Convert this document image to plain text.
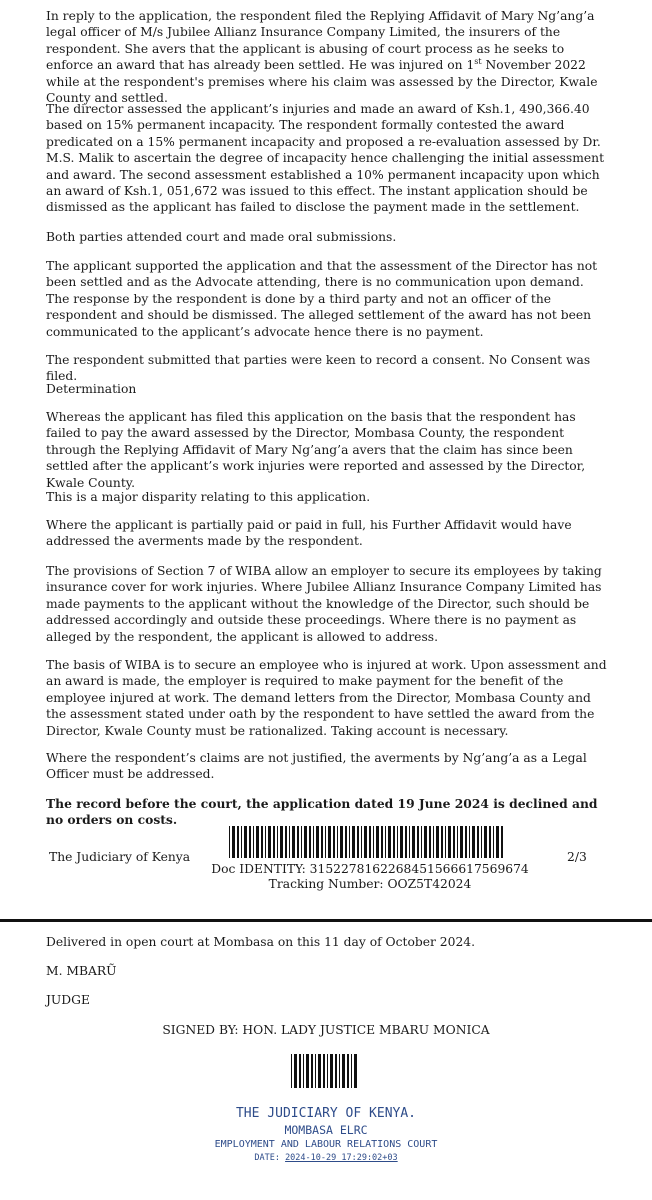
In reply to the application, the respondent filed the Replying Affidavit of Mary Ng’ang’a legal officer of M/s Jubilee Allianz Insurance Company Limited, the insurers of the respondent. She avers that the applicant is abusing of court process as he seeks to enforce an award that has already been settled. He was injured on 1st November 2022 while at the respondent's premises where his claim was assessed by the Director, Kwale County and settled.

The director assessed the applicant’s injuries and made an award of Ksh.1, 490,366.40 based on 15% permanent incapacity. The respondent formally contested the award predicated on a 15% permanent incapacity and proposed a re-evaluation assessed by Dr. M.S. Malik to ascertain the degree of incapacity hence challenging the initial assessment and award. The second assessment established a 10% permanent incapacity upon which an award of Ksh.1, 051,672 was issued to this effect. The instant application should be dismissed as the applicant has failed to disclose the payment made in the settlement.

Both parties attended court and made oral submissions.

The applicant supported the application and that the assessment of the Director has not been settled and as the Advocate attending, there is no communication upon demand. The response by the respondent is done by a third party and not an officer of the respondent and should be dismissed. The alleged settlement of the award has not been communicated to the applicant’s advocate hence there is no payment.

The respondent submitted that parties were keen to record a consent. No Consent was filed.

Determination

Whereas the applicant has filed this application on the basis that the respondent has failed to pay the award assessed by the Director, Mombasa County, the respondent through the Replying Affidavit of Mary Ng’ang’a avers that the claim has since been settled after the applicant’s work injuries were reported and assessed by the Director, Kwale County.

This is a major disparity relating to this application.

Where the applicant is partially paid or paid in full, his Further Affidavit would have addressed the averments made by the respondent.

The provisions of Section 7 of WIBA allow an employer to secure its employees by taking insurance cover for work injuries. Where Jubilee Allianz Insurance Company Limited has made payments to the applicant without the knowledge of the Director, such should be addressed accordingly and outside these proceedings. Where there is no payment as alleged by the respondent, the applicant is allowed to address.

The basis of WIBA is to secure an employee who is injured at work. Upon assessment and an award is made, the employer is required to make payment for the benefit of the employee injured at work. The demand letters from the Director, Mombasa County and the assessment stated under oath by the respondent to have settled the award from the Director, Kwale County must be rationalized. Taking account is necessary.

Where the respondent’s claims are not justified, the averments by Ng’ang’a as a Legal Officer must be addressed.

The record before the court, the application dated 19 June 2024 is declined and no orders on costs.

The Judiciary of Kenya
Doc IDENTITY: 315227816226845156661756967​4 Tracking Number: OOZ5T42024
2/3
Delivered in open court at Mombasa on this 11 day of October 2024.
M. MBARŨ
JUDGE
SIGNED BY: HON. LADY JUSTICE MBARU MONICA
THE JUDICIARY OF KENYA.
MOMBASA ELRC
EMPLOYMENT AND LABOUR RELATIONS COURT
DATE: 2024-10-29 17:29:02+03
